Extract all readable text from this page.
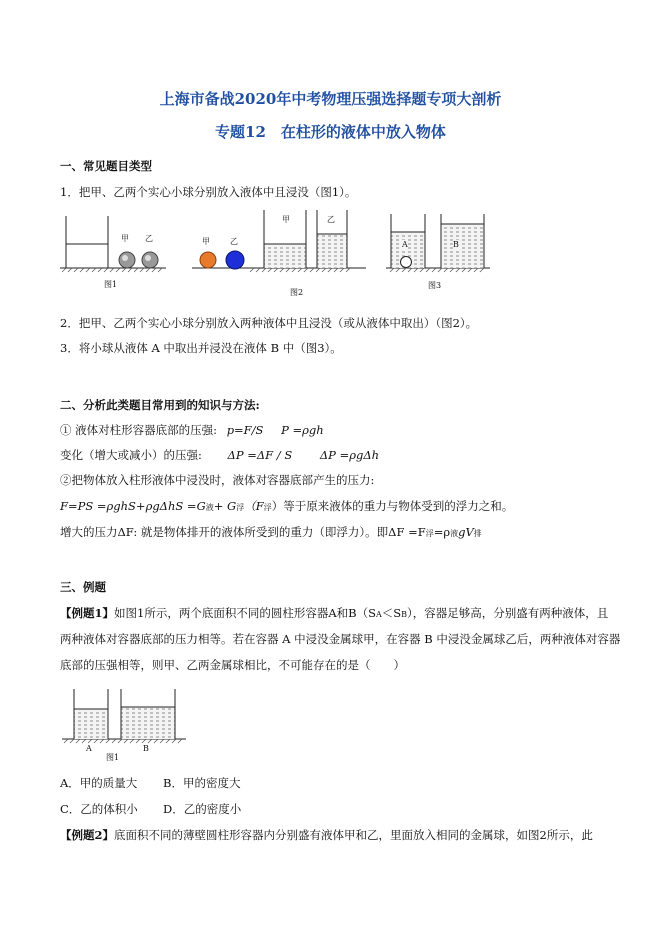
上海市备战2020年中考物理压强选择题专项大剖析
专题12　在柱形的液体中放入物体
一、常见题目类型
1．把甲、乙两个实心小球分别放入液体中且浸没（图1）。
甲 乙
图1
甲	乙
甲	乙
图2
A	B
图3
2．把甲、乙两个实心小球分别放入两种液体中且浸没（或从液体中取出）（图2）。
3．将小球从液体 A 中取出并浸没在液体 B 中（图3）。
二、分析此类题目常用到的知识与方法:
① 液体对柱形容器底部的压强: p=F/S P =ρgh
变化（增大或减小）的压强: ΔP =ΔF / S ΔP =ρgΔh
②把物体放入柱形液体中浸没时，液体对容器底部产生的压力:
F=PS =ρghS+ρgΔhS =G液+ G浮（F浮）等于原来液体的重力与物体受到的浮力之和。
增大的压力ΔF: 就是物体排开的液体所受到的重力（即浮力）。即ΔF =F浮=ρ液gV排
三、例题
【例题1】如图1所示，两个底面积不同的圆柱形容器A和B（SA＜SB），容器足够高，分别盛有两种液体，且
两种液体对容器底部的压力相等。若在容器 A 中浸没金属球甲，在容器 B 中浸没金属球乙后，两种液体对容器
底部的压强相等，则甲、乙两金属球相比，不可能存在的是（　　）
A	B
图1
A．甲的质量大 B．甲的密度大
C．乙的体积小 D．乙的密度小
【例题2】底面积不同的薄壁圆柱形容器内分别盛有液体甲和乙，里面放入相同的金属球，如图2所示，此
